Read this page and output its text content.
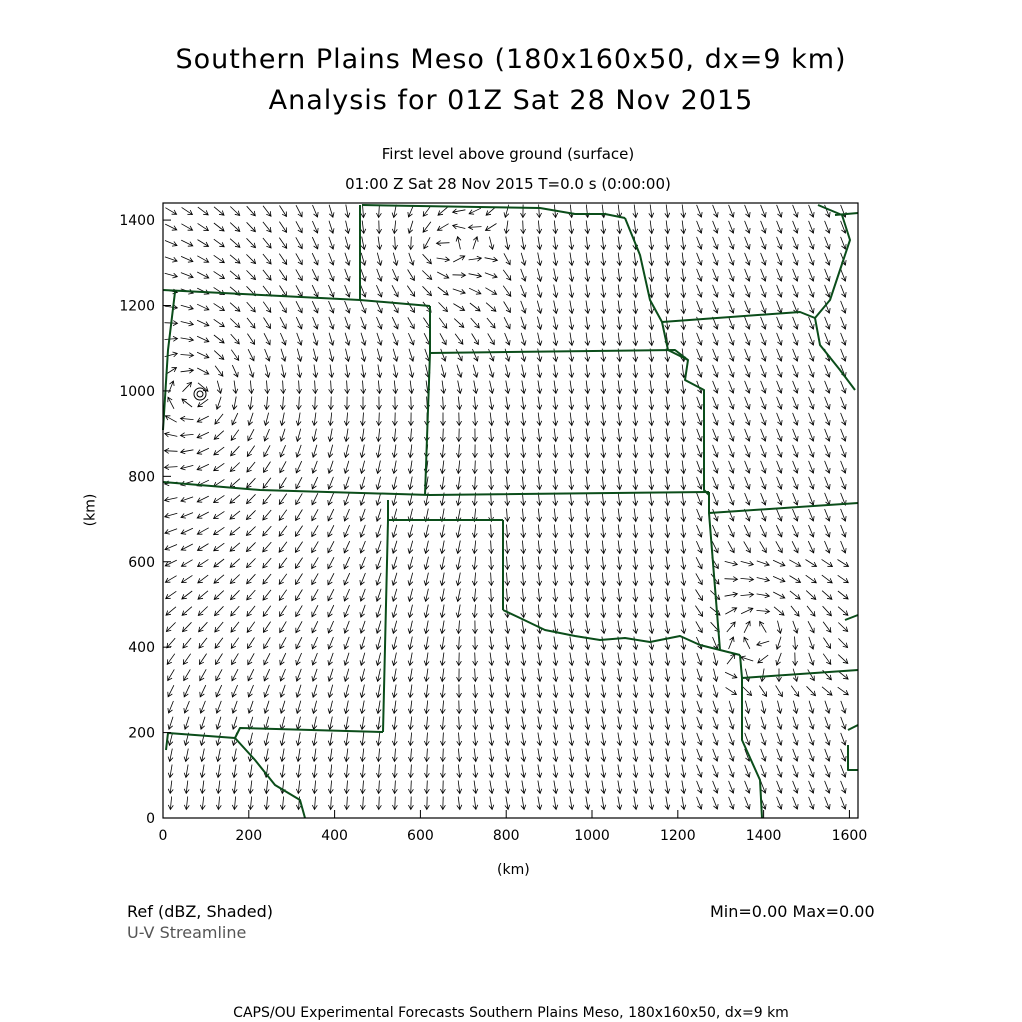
Southern Plains Meso (180x160x50, dx=9 km)
Analysis for 01Z Sat 28 Nov 2015
First level above ground (surface)
01:00 Z Sat 28 Nov 2015 T=0.0 s (0:00:00)
0	200	400	600	800	1000	1200	1400	1600
0
200
400
600
800
1000
1200
1400
(km)
(km)
Ref (dBZ, Shaded)
U-V Streamline
Min=0.00 Max=0.00
CAPS/OU Experimental Forecasts Southern Plains Meso, 180x160x50, dx=9 km
